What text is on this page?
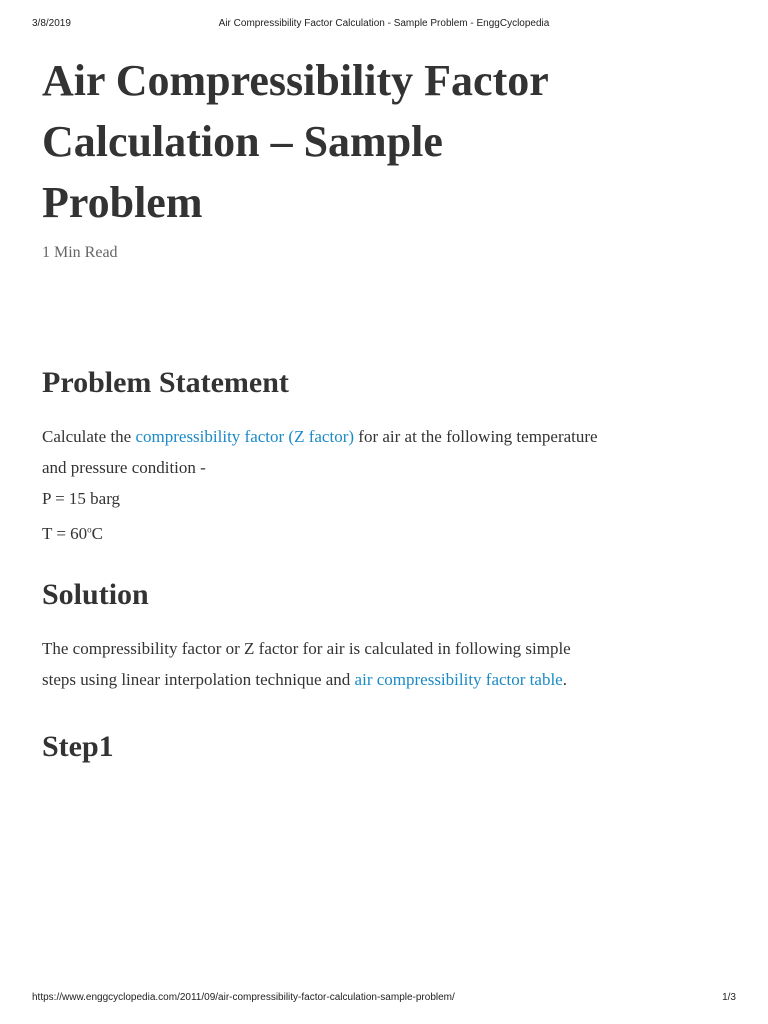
3/8/2019	Air Compressibility Factor Calculation - Sample Problem - EnggCyclopedia
Air Compressibility Factor Calculation – Sample Problem
1 Min Read
Problem Statement

Calculate the compressibility factor (Z factor) for air at the following temperature and pressure condition -
P = 15 barg
$T = 60^oC$

Solution

The compressibility factor or Z factor for air is calculated in following simple steps using linear interpolation technique and air compressibility factor table.

Step1
https://www.enggcyclopedia.com/2011/09/air-compressibility-factor-calculation-sample-problem/	1/3
